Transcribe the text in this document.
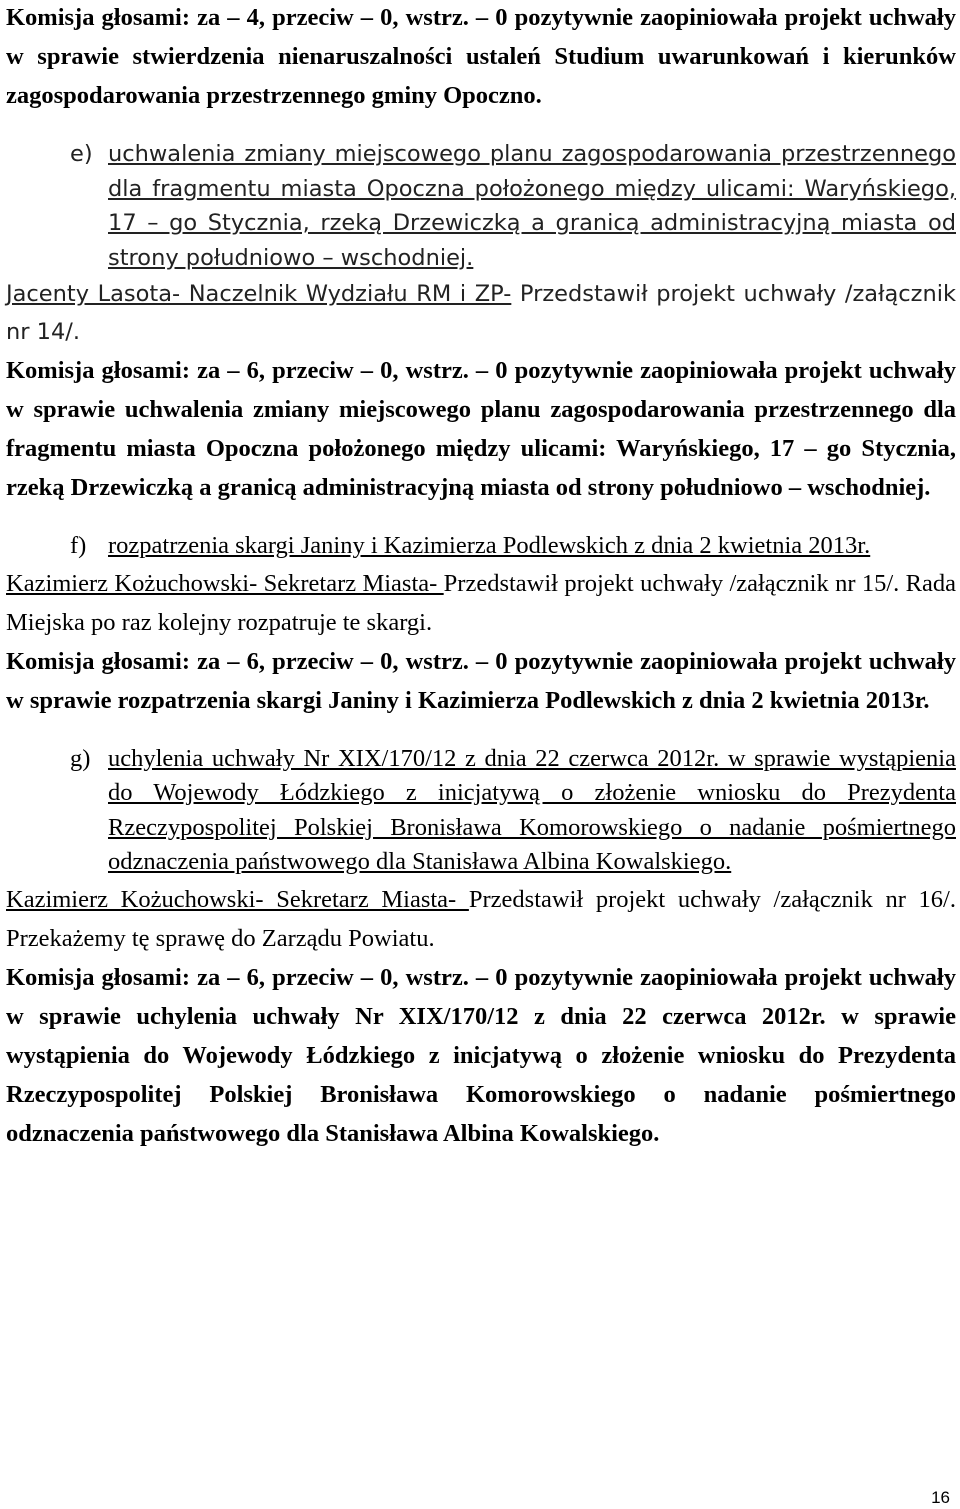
Komisja głosami: za – 4, przeciw – 0, wstrz. – 0 pozytywnie zaopiniowała projekt uchwały w sprawie stwierdzenia nienaruszalności ustaleń Studium uwarunkowań i kierunków zagospodarowania przestrzennego gminy Opoczno.

e) uchwalenia zmiany miejscowego planu zagospodarowania przestrzennego dla fragmentu miasta Opoczna położonego między ulicami: Waryńskiego, 17 – go Stycznia, rzeką Drzewiczką a granicą administracyjną miasta od strony południowo – wschodniej.

Jacenty Lasota- Naczelnik Wydziału RM i ZP- Przedstawił projekt uchwały /załącznik nr 14/.

Komisja głosami: za – 6, przeciw – 0, wstrz. – 0 pozytywnie zaopiniowała projekt uchwały w sprawie uchwalenia zmiany miejscowego planu zagospodarowania przestrzennego dla fragmentu miasta Opoczna położonego między ulicami: Waryńskiego, 17 – go Stycznia, rzeką Drzewiczką a granicą administracyjną miasta od strony południowo – wschodniej.

f) rozpatrzenia skargi Janiny i Kazimierza Podlewskich z dnia 2 kwietnia 2013r.

Kazimierz Kożuchowski- Sekretarz Miasta- Przedstawił projekt uchwały /załącznik nr 15/. Rada Miejska po raz kolejny rozpatruje te skargi.

Komisja głosami: za – 6, przeciw – 0, wstrz. – 0 pozytywnie zaopiniowała projekt uchwały w sprawie rozpatrzenia skargi Janiny i Kazimierza Podlewskich z dnia 2 kwietnia 2013r.

g) uchylenia uchwały Nr XIX/170/12 z dnia 22 czerwca 2012r. w sprawie wystąpienia do Wojewody Łódzkiego z inicjatywą o złożenie wniosku do Prezydenta Rzeczypospolitej Polskiej Bronisława Komorowskiego o nadanie pośmiertnego odznaczenia państwowego dla Stanisława Albina Kowalskiego.

Kazimierz Kożuchowski- Sekretarz Miasta- Przedstawił projekt uchwały /załącznik nr 16/. Przekażemy tę sprawę do Zarządu Powiatu.

Komisja głosami: za – 6, przeciw – 0, wstrz. – 0 pozytywnie zaopiniowała projekt uchwały w sprawie uchylenia uchwały Nr XIX/170/12 z dnia 22 czerwca 2012r. w sprawie wystąpienia do Wojewody Łódzkiego z inicjatywą o złożenie wniosku do Prezydenta Rzeczypospolitej Polskiej Bronisława Komorowskiego o nadanie pośmiertnego odznaczenia państwowego dla Stanisława Albina Kowalskiego.

16
